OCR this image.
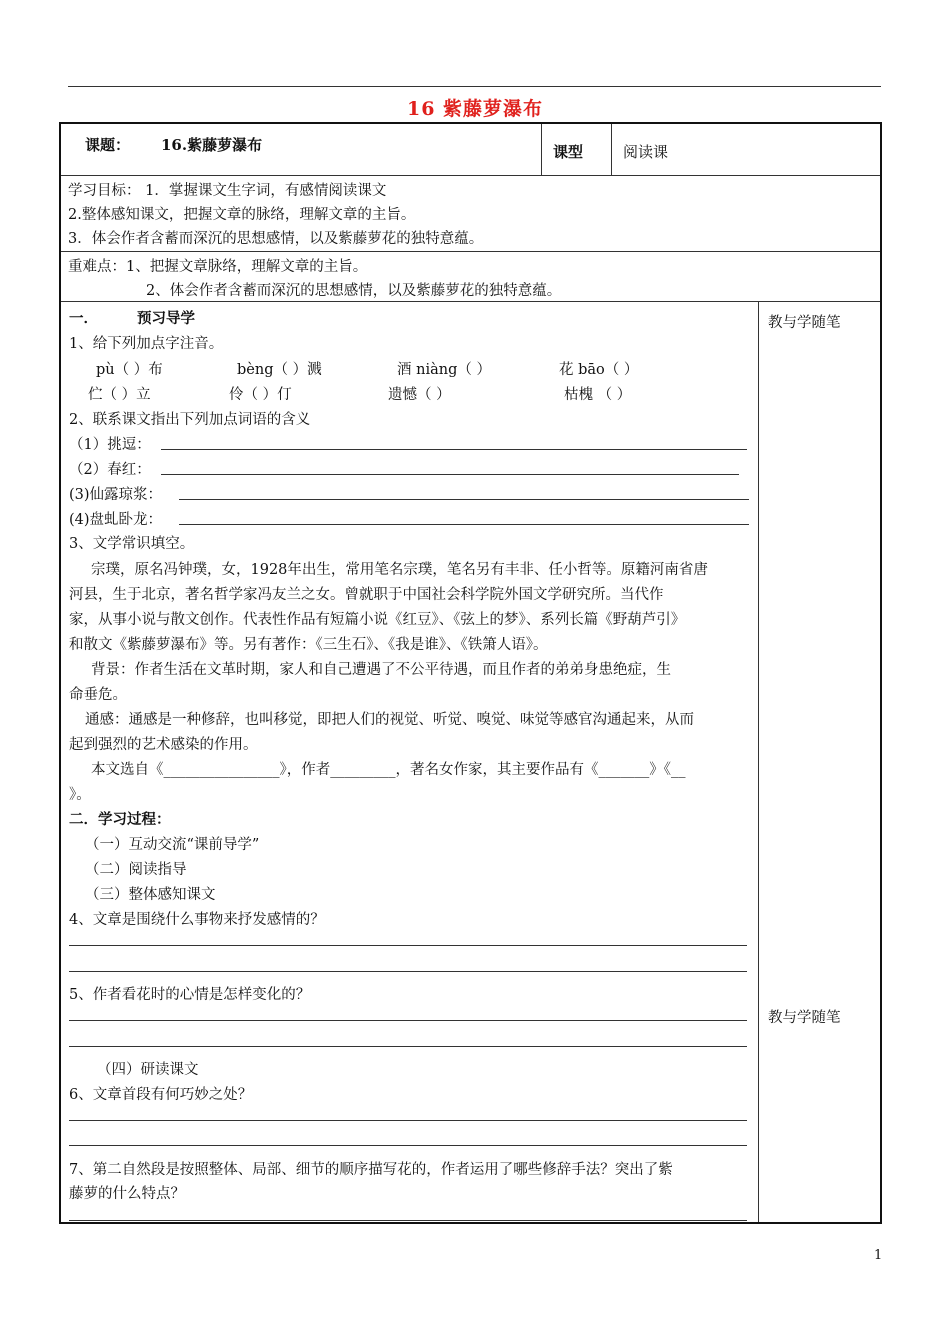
16 紫藤萝瀑布
课题： 16.紫藤萝瀑布	课型	阅读课
学习目标： 1．掌握课文生字词，有感情阅读课文
2.整体感知课文，把握文章的脉络，理解文章的主旨。
3．体会作者含蓄而深沉的思想感情，以及紫藤萝花的独特意蕴。
重难点：1、把握文章脉络，理解文章的主旨。
2、体会作者含蓄而深沉的思想感情，以及紫藤萝花的独特意蕴。
一．	预习导学
1、给下列加点字注音。
pù（ ）布	bèng（ ）溅	酒 niàng（ ）	花 bāo（ ）
伫（ ）立	伶（ ）仃	遗憾（ ）	枯槐 （ ）
2、联系课文指出下列加点词语的含义
（1）挑逗：
（2）春红：
(3)仙露琼浆：
(4)盘虬卧龙：
3、文学常识填空。
宗璞，原名冯钟璞，女，1928年出生，常用笔名宗璞，笔名另有丰非、任小哲等。原籍河南省唐
河县，生于北京，著名哲学家冯友兰之女。曾就职于中国社会科学院外国文学研究所。当代作
家，从事小说与散文创作。代表性作品有短篇小说《红豆》、《弦上的梦》、系列长篇《野葫芦引》
和散文《紫藤萝瀑布》等。另有著作：《三生石》、《我是谁》、《铁箫人语》。
背景：作者生活在文革时期，家人和自己遭遇了不公平待遇，而且作者的弟弟身患绝症，生
命垂危。
通感：通感是一种修辞，也叫移觉，即把人们的视觉、听觉、嗅觉、味觉等感官沟通起来，从而
起到强烈的艺术感染的作用。
本文选自《________________》，作者_________，著名女作家，其主要作品有《_______》《__
》。
二．学习过程：
（一）互动交流“课前导学”
（二）阅读指导
（三）整体感知课文
4、文章是围绕什么事物来抒发感情的？
5、作者看花时的心情是怎样变化的？
（四）研读课文
6、文章首段有何巧妙之处？
7、第二自然段是按照整体、局部、细节的顺序描写花的，作者运用了哪些修辞手法？突出了紫
藤萝的什么特点？
教与学随笔
教与学随笔
1
